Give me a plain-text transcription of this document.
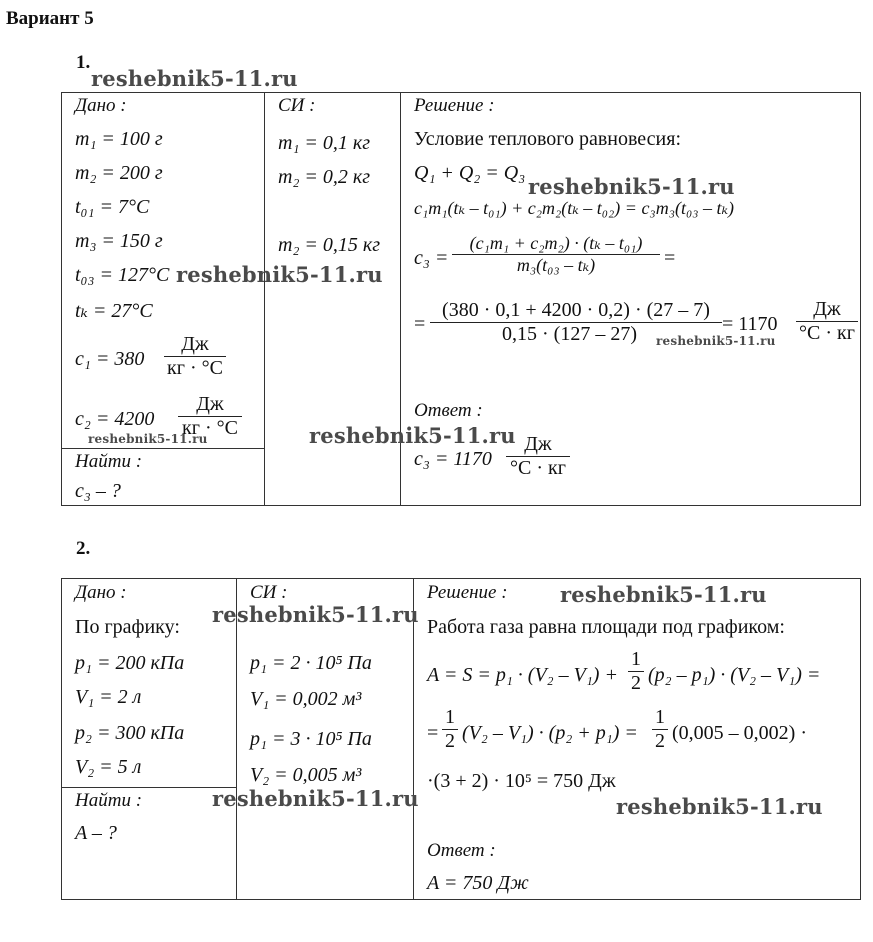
Вариант 5
1.
reshebnik5-11.ru
Дано :
m₁ = 100 г
m₂ = 200 г
t₀₁ = 7°C
m₃ = 150 г
t₀₃ = 127°C
tₖ = 27°C
c₁ = 380
Дж
кг · °C
c₂ = 4200
Дж
кг · °C
reshebnik5-11.ru
Найти :
c₃ – ?
СИ :
m₁ = 0,1 кг
m₂ = 0,2 кг
m₂ = 0,15 кг
reshebnik5-11.ru
Решение :
Условие теплового равновесия:
Q₁ + Q₂ = Q₃
reshebnik5-11.ru
c₁m₁(tₖ – t₀₁) + c₂m₂(tₖ – t₀₂) = c₃m₃(t₀₃ – tₖ)
$c_3 = \frac{\text{(c₁m₁ + c₂m₂) · (tₖ – t₀₁)}}{\text{m₃(t₀₃ – tₖ)}}$ =
= $\frac{(380 \cdot 0,1 + 4200 \cdot 0,2) \cdot (27 - 7)}{0,15 \cdot (127 - 27)}$
reshebnik5-11.ru
= 1170
Дж
°C · кг
reshebnik5-11.ru
Ответ :
c₃ = 1170
Дж
°C · кг
2.
Дано :
По графику:
p₁ = 200 кПа
V₁ = 2 л
p₂ = 300 кПа
V₂ = 5 л
Найти :
A – ?
СИ :
reshebnik5-11.ru
p₁ = 2 · 10⁵ Па
V₁ = 0,002 м³
p₁ = 3 · 10⁵ Па
V₂ = 0,005 м³
reshebnik5-11.ru
Решение : reshebnik5-11.ru
Работа газа равна площади под графиком:
$A = S = p_1 \cdot (V_2 - V_1) + \frac{1}{2} (p_2 - p_1) \cdot (V_2 - V_1)$ =
= $\frac{1}{2} (V_2 - V_1) \cdot (p_2 + p_1) = \frac{1}{2} (0,005 - 0,002)$ ·
·(3 + 2) · 10⁵ = 750 Дж
reshebnik5-11.ru
Ответ :
A = 750 Дж
